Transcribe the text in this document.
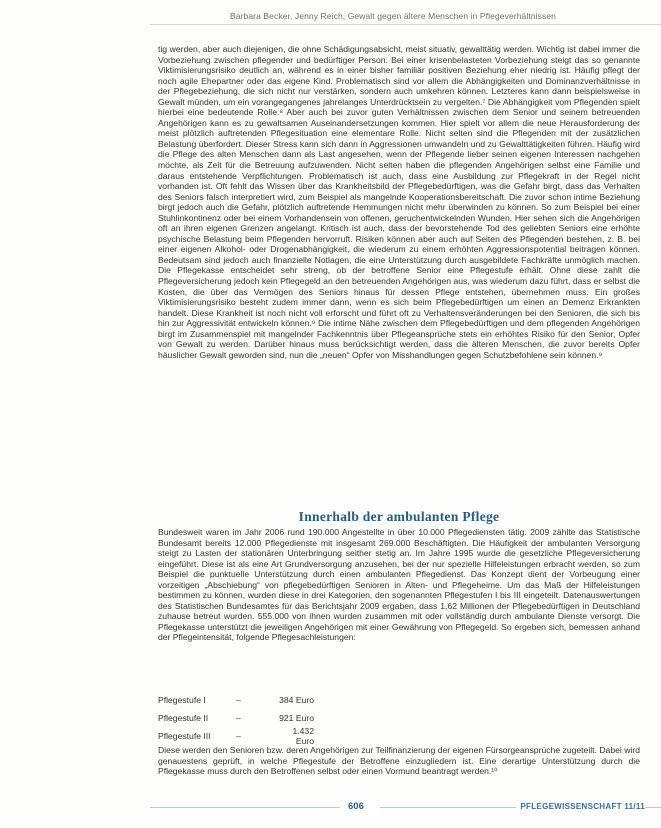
Barbara Becker, Jenny Reich, Gewalt gegen ältere Menschen in Pflegeverhältnissen

tig werden, aber auch diejenigen, die ohne Schädigungsabsicht, meist situativ, gewalttätig werden. Wichtig ist dabei immer die Vorbeziehung zwischen pflegender und bedürftiger Person. Bei einer krisenbelasteten Vorbeziehung steigt das so genannte Viktimisierungsrisiko deutlich an, während es in einer bisher familiär positiven Beziehung eher niedrig ist. Häufig pflegt der noch agile Ehepartner oder das eigene Kind. Problematisch sind vor allem die Abhängigkeiten und Dominanzverhältnisse in der Pflegebeziehung, die sich nicht nur verstärken, sondern auch umkehren können. Letzteres kann dann beispielsweise in Gewalt münden, um ein vorangegangenes jahrelanges Unterdrücktsein zu vergelten.⁷ Die Abhängigkeit vom Pflegenden spielt hierbei eine bedeutende Rolle.⁸ Aber auch bei zuvor guten Verhältnissen zwischen dem Senior und seinem betreuenden Angehörigen kann es zu gewaltsamen Auseinandersetzungen kommen. Hier spielt vor allem die neue Herausforderung der meist plötzlich auftretenden Pflegesituation eine elementare Rolle. Nicht selten sind die Pflegenden mit der zusätzlichen Belastung überfordert. Dieser Stress kann sich dann in Aggressionen umwandeln und zu Gewalttätigkeiten führen. Häufig wird die Pflege des alten Menschen dann als Last angesehen, wenn der Pflegende lieber seinen eigenen Interessen nachgehen möchte, als Zeit für die Betreuung aufzuwenden. Nicht selten haben die pflegenden Angehörigen selbst eine Familie und daraus entstehende Verpflichtungen. Problematisch ist auch, dass eine Ausbildung zur Pflegekraft in der Regel nicht vorhanden ist. Oft fehlt das Wissen über das Krankheitsbild der Pflegebedürftigen, was die Gefahr birgt, dass das Verhalten des Seniors falsch interpretiert wird, zum Beispiel als mangelnde Kooperationsbereitschaft. Die zuvor schon intime Beziehung birgt jedoch auch die Gefahr, plötzlich auftretende Hemmungen nicht mehr überwinden zu können. So zum Beispiel bei einer Stuhlinkontinenz oder bei einem Vorhandensein von offenen, geruchentwickelnden Wunden. Hier sehen sich die Angehörigen oft an ihren eigenen Grenzen angelangt. Kritisch ist auch, dass der bevorstehende Tod des geliebten Seniors eine erhöhte psychische Belastung beim Pflegenden hervorruft. Risiken können aber auch auf Seiten des Pflegenden bestehen, z. B. bei einer eigenen Alkohol- oder Drogenabhängigkeit, die wiederum zu einem erhöhten Aggressionspotential beitragen können. Bedeutsam sind jedoch auch finanzielle Notlagen, die eine Unterstützung durch ausgebildete Fachkräfte unmöglich machen. Die Pflegekasse entscheidet sehr streng, ob der betroffene Senior eine Pflegestufe erhält. Ohne diese zahlt die Pflegeversicherung jedoch kein Pflegegeld an den betreuenden Angehörigen aus, was wiederum dazu führt, dass er selbst die Kosten, die über das Vermögen des Seniors hinaus für dessen Pflege entstehen, übernehmen muss. Ein großes Viktimisierungsrisiko besteht zudem immer dann, wenn es sich beim Pflegebedürftigen um einen an Demenz Erkrankten handelt. Diese Krankheit ist noch nicht voll erforscht und führt oft zu Verhaltensveränderungen bei den Senioren, die sich bis hin zur Aggressivität entwickeln können.⁹ Die intime Nähe zwischen dem Pflegebedürftigen und dem pflegenden Angehörigen birgt im Zusammenspiel mit mangelnder Fachkenntnis über Pflegeansprüche stets ein erhöhtes Risiko für den Senior, Opfer von Gewalt zu werden. Darüber hinaus muss berücksichtigt werden, dass die älteren Menschen, die zuvor bereits Opfer häuslicher Gewalt geworden sind, nun die „neuen“ Opfer von Misshandlungen gegen Schutzbefohlene sein können.⁹

Innerhalb der ambulanten Pflege

Bundesweit waren im Jahr 2006 rund 190.000 Angestellte in über 10.000 Pflegediensten tätig. 2009 zählte das Statistische Bundesamt bereits 12.000 Pflegedienste mit insgesamt 269.000 Beschäftigten. Die Häufigkeit der ambulanten Versorgung steigt zu Lasten der stationären Unterbringung seither stetig an. Im Jahre 1995 wurde die gesetzliche Pflegeversicherung eingeführt. Diese ist als eine Art Grundversorgung anzusehen, bei der nur spezielle Hilfeleistungen erbracht werden, so zum Beispiel die punktuelle Unterstützung durch einen ambulanten Pflegedienst. Das Konzept dient der Vorbeugung einer vorzeitigen „Abschiebung“ von pflegebedürftigen Senioren in Alten- und Pflegeheime. Um das Maß der Hilfeleistungen bestimmen zu können, wurden diese in drei Kategorien, den sogenannten Pflegestufen I bis III eingeteilt. Datenauswertungen des Statistischen Bundesamtes für das Berichtsjahr 2009 ergaben, dass 1,62 Millionen der Pflegebedürftigen in Deutschland zuhause betreut wurden. 555.000 von ihnen wurden zusammen mit oder vollständig durch ambulante Dienste versorgt. Die Pflegekasse unterstützt die jeweiligen Angehörigen mit einer Gewährung von Pflegegeld. So ergeben sich, bemessen anhand der Pflegeintensität, folgende Pflegesachleistungen:

Pflegestufe I	–	384 Euro
Pflegestufe II	–	921 Euro
Pflegestufe III	–	1.432 Euro

Diese werden den Senioren bzw. deren Angehörigen zur Teilfinanzierung der eigenen Fürsorgeansprüche zugeteilt. Dabei wird genauestens geprüft, in welche Pflegestufe der Betroffene einzugliedern ist. Eine derartige Unterstützung durch die Pflegekasse muss durch den Betroffenen selbst oder einen Vormund beantragt werden.¹⁰

606	PFLEGEWISSENSCHAFT 11/11
